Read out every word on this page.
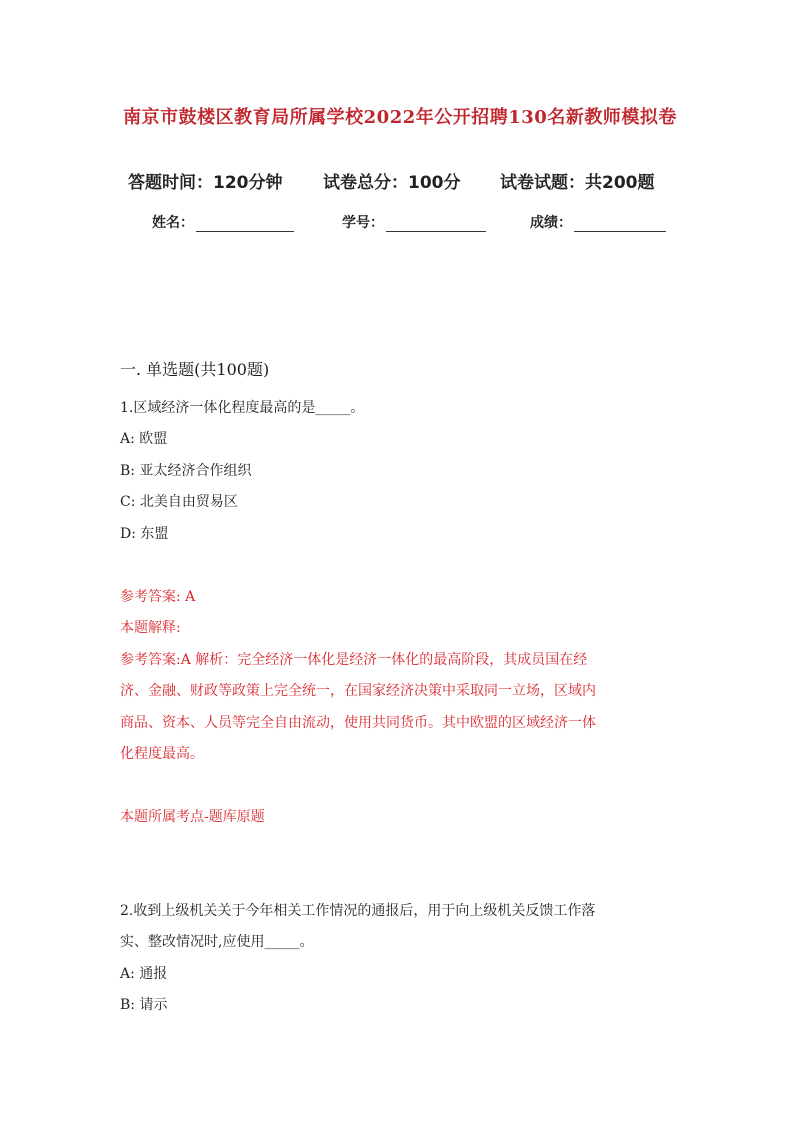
南京市鼓楼区教育局所属学校2022年公开招聘130名新教师模拟卷
答题时间：120分钟 试卷总分：100分 试卷试题：共200题
姓名：	学号：	成绩：
一. 单选题(共100题)
1.区域经济一体化程度最高的是_____。
A: 欧盟
B: 亚太经济合作组织
C: 北美自由贸易区
D: 东盟
参考答案: A
本题解释:
参考答案:A 解析：完全经济一体化是经济一体化的最高阶段，其成员国在经
济、金融、财政等政策上完全统一，在国家经济决策中采取同一立场，区域内
商品、资本、人员等完全自由流动，使用共同货币。其中欧盟的区域经济一体
化程度最高。
本题所属考点-题库原题
2.收到上级机关关于今年相关工作情况的通报后，用于向上级机关反馈工作落
实、整改情况时,应使用_____。
A: 通报
B: 请示
